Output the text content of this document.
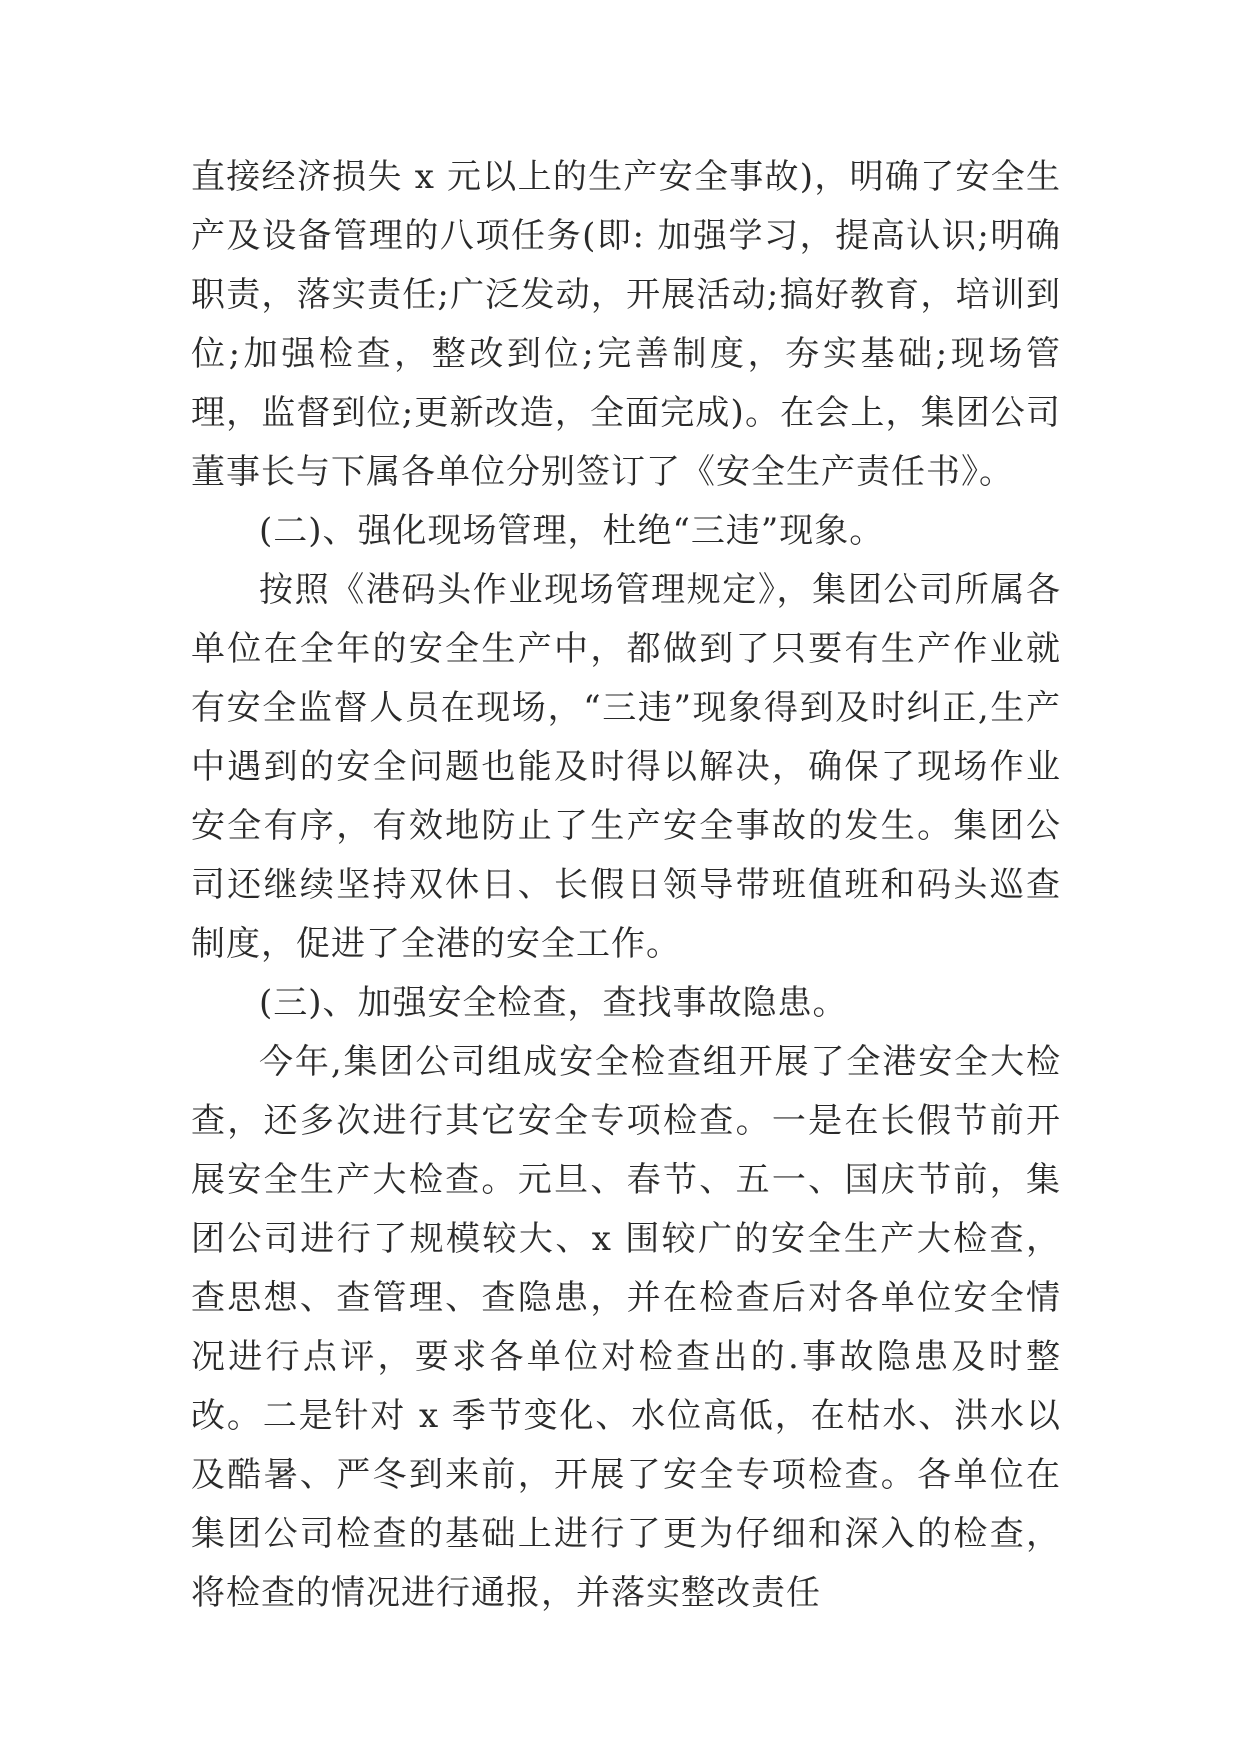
直接经济损失 x 元以上的生产安全事故)，明确了安全生产及设备管理的八项任务(即: 加强学习，提高认识;明确职责，落实责任;广泛发动，开展活动;搞好教育，培训到位;加强检查，整改到位;完善制度，夯实基础;现场管理，监督到位;更新改造，全面完成)。在会上，集团公司董事长与下属各单位分别签订了《安全生产责任书》。

(二)、强化现场管理，杜绝“三违”现象。

按照《港码头作业现场管理规定》，集团公司所属各单位在全年的安全生产中，都做到了只要有生产作业就有安全监督人员在现场，“三违”现象得到及时纠正,生产中遇到的安全问题也能及时得以解决，确保了现场作业安全有序，有效地防止了生产安全事故的发生。集团公司还继续坚持双休日、长假日领导带班值班和码头巡查制度，促进了全港的安全工作。

(三)、加强安全检查，查找事故隐患。

今年,集团公司组成安全检查组开展了全港安全大检查，还多次进行其它安全专项检查。一是在长假节前开展安全生产大检查。元旦、春节、五一、国庆节前，集团公司进行了规模较大、x 围较广的安全生产大检查，查思想、查管理、查隐患，并在检查后对各单位安全情况进行点评，要求各单位对检查出的.事故隐患及时整改。二是针对 x 季节变化、水位高低，在枯水、洪水以及酷暑、严冬到来前，开展了安全专项检查。各单位在集团公司检查的基础上进行了更为仔细和深入的检查，将检查的情况进行通报，并落实整改责任
